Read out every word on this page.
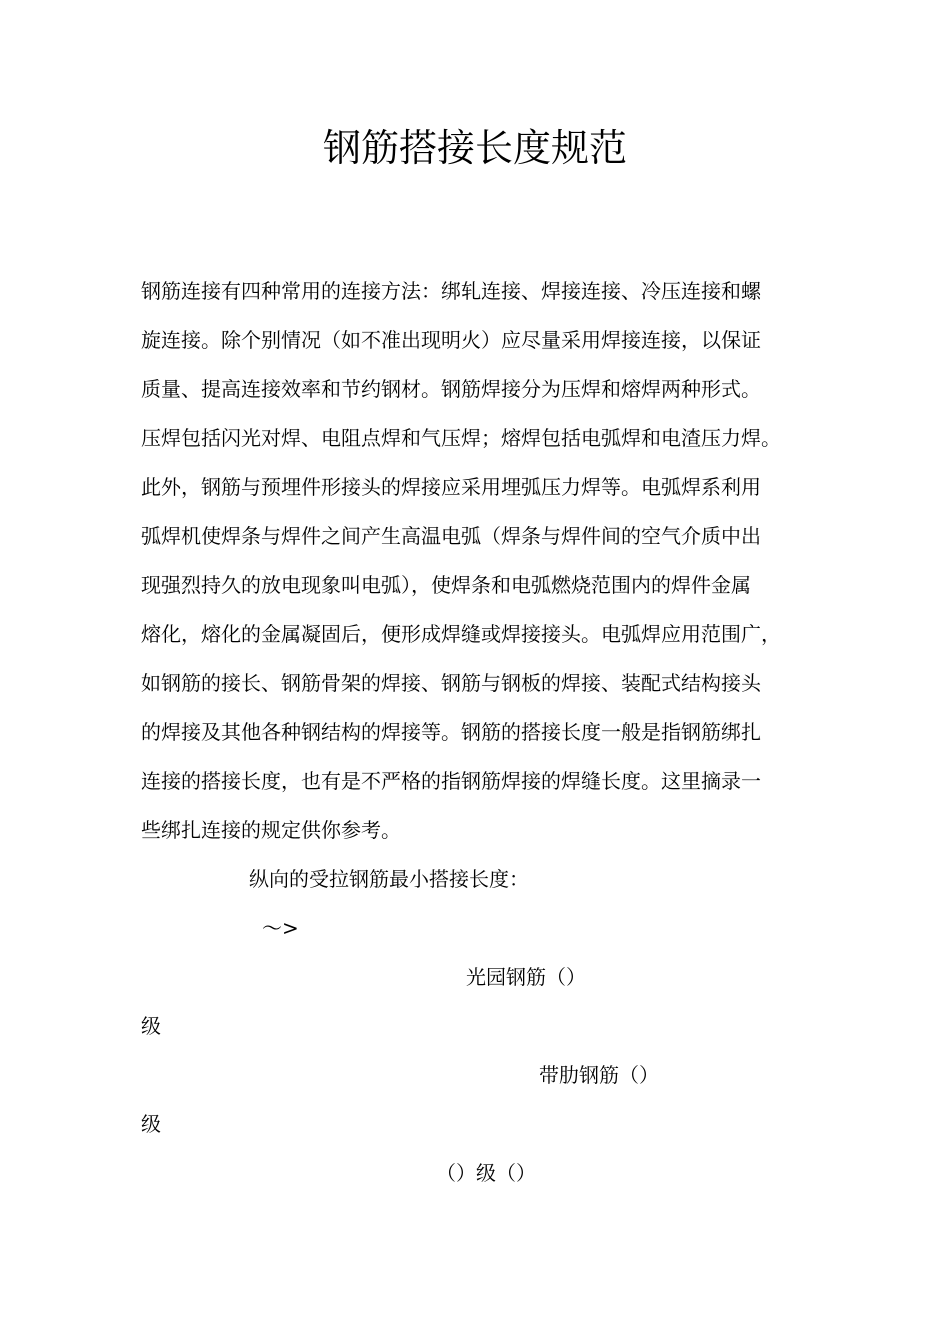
钢筋搭接长度规范

钢筋连接有四种常用的连接方法：绑轧连接、焊接连接、冷压连接和螺

旋连接。除个别情况（如不准出现明火）应尽量采用焊接连接，以保证

质量、提高连接效率和节约钢材。钢筋焊接分为压焊和熔焊两种形式。

压焊包括闪光对焊、电阻点焊和气压焊；熔焊包括电弧焊和电渣压力焊。

此外，钢筋与预埋件形接头的焊接应采用埋弧压力焊等。电弧焊系利用

弧焊机使焊条与焊件之间产生高温电弧（焊条与焊件间的空气介质中出

现强烈持久的放电现象叫电弧），使焊条和电弧燃烧范围内的焊件金属

熔化，熔化的金属凝固后，便形成焊缝或焊接接头。电弧焊应用范围广，

如钢筋的接长、钢筋骨架的焊接、钢筋与钢板的焊接、装配式结构接头

的焊接及其他各种钢结构的焊接等。钢筋的搭接长度一般是指钢筋绑扎

连接的搭接长度，也有是不严格的指钢筋焊接的焊缝长度。这里摘录一

些绑扎连接的规定供你参考。

纵向的受拉钢筋最小搭接长度：

～>

光园钢筋（）

级

带肋钢筋（）

级

（）级（）
